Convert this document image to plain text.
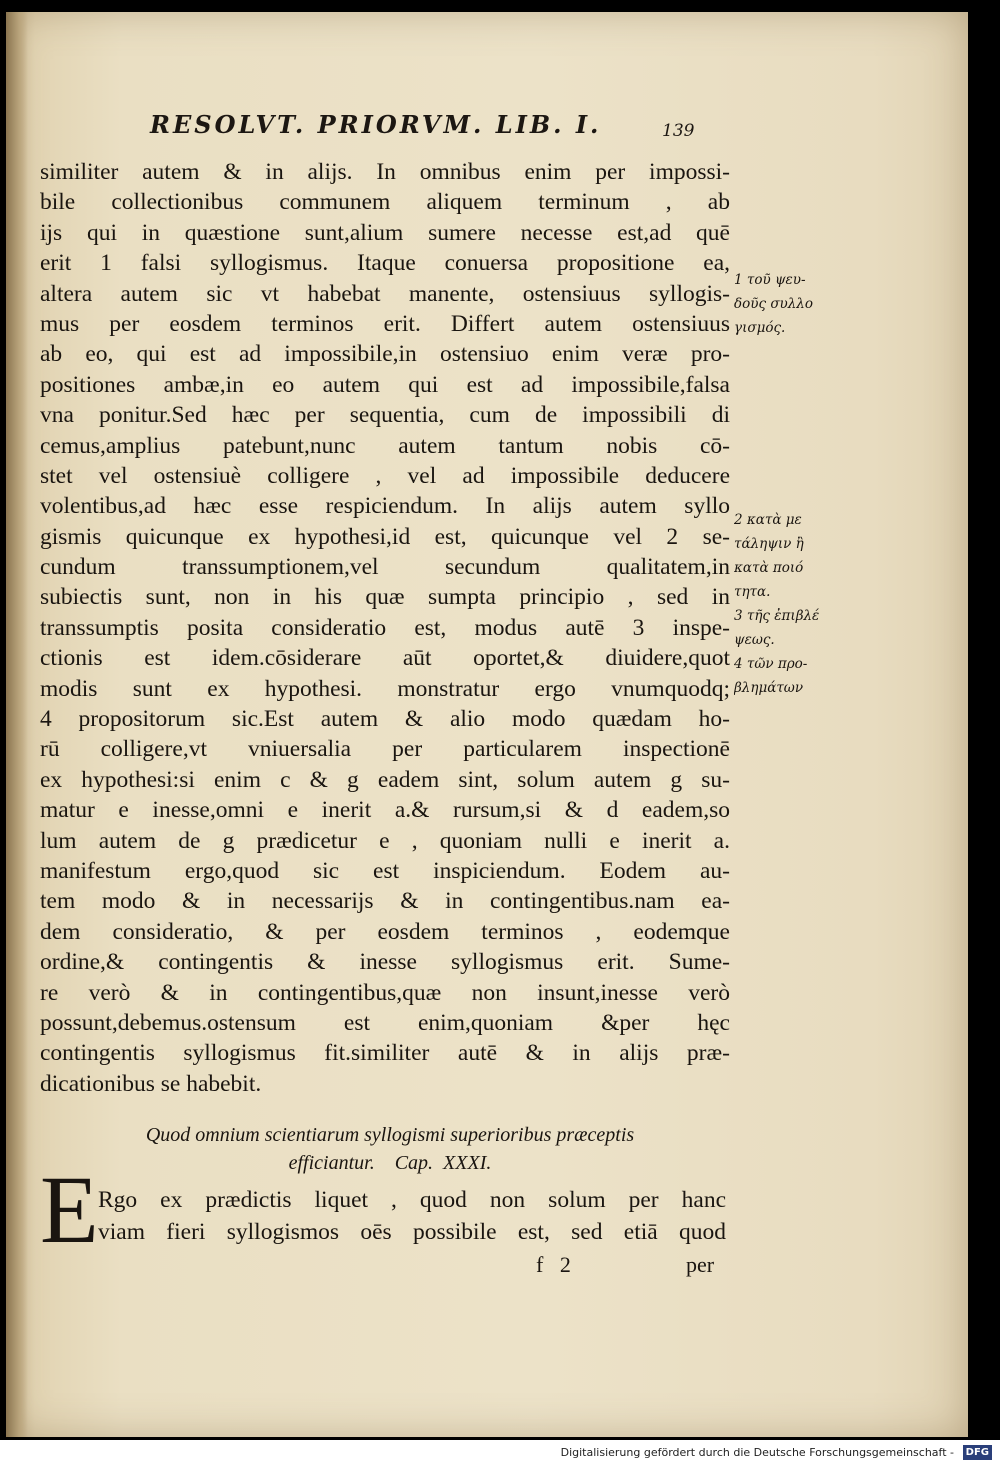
RESOLVT. PRIORVM. LIB. I.	139
similiter autem & in alijs. In omnibus enim per impossi-
bile collectionibus communem aliquem terminum , ab
ijs qui in quæstione sunt,alium sumere necesse est,ad quē
erit 1 falsi syllogismus. Itaque conuersa propositione ea,
altera autem sic vt habebat manente, ostensiuus syllogis-
mus per eosdem terminos erit. Differt autem ostensiuus
ab eo, qui est ad impossibile,in ostensiuo enim veræ pro-
positiones ambæ,in eo autem qui est ad impossibile,falsa
vna ponitur.Sed hæc per sequentia, cum de impossibili di
cemus,amplius patebunt,nunc autem tantum nobis cō-
stet vel ostensiuè colligere , vel ad impossibile deducere
volentibus,ad hæc esse respiciendum. In alijs autem syllo
gismis quicunque ex hypothesi,id est, quicunque vel 2 se-
cundum transsumptionem,vel secundum qualitatem,in
subiectis sunt, non in his quæ sumpta principio , sed in
transsumptis posita consideratio est, modus autē 3 inspe-
ctionis est idem.cōsiderare aūt oportet,& diuidere,quot
modis sunt ex hypothesi. monstratur ergo vnumquodq;
4 propositorum sic.Est autem & alio modo quædam ho-
rū colligere,vt vniuersalia per particularem inspectionē
ex hypothesi:si enim c & g eadem sint, solum autem g su-
matur e inesse,omni e inerit a.& rursum,si & d eadem,so
lum autem de g prædicetur e , quoniam nulli e inerit a.
manifestum ergo,quod sic est inspiciendum. Eodem au-
tem modo & in necessarijs & in contingentibus.nam ea-
dem consideratio, & per eosdem terminos , eodemque
ordine,& contingentis & inesse syllogismus erit. Sume-
re verò & in contingentibus,quæ non insunt,inesse verò
possunt,debemus.ostensum est enim,quoniam &per hęc
contingentis syllogismus fit.similiter autē & in alijs præ-
dicationibus se habebit.
1 τοῦ ψευ-
δοῦς συλλο
γισμός.
2 κατὰ με
τάληψιν ἢ
κατὰ ποιό
τητα.
3 τῆς ἐπιβλέ
ψεως.
4 τῶν προ-
βλημάτων
Quod omnium scientiarum syllogismi superioribus præceptis
efficiantur.    Cap.  XXXI.
E Rgo ex prædictis liquet , quod non solum per hanc
viam fieri syllogismos oēs possibile est, sed etiā quod
f   2	per
Digitalisierung gefördert durch die Deutsche Forschungsgemeinschaft -	DFG
